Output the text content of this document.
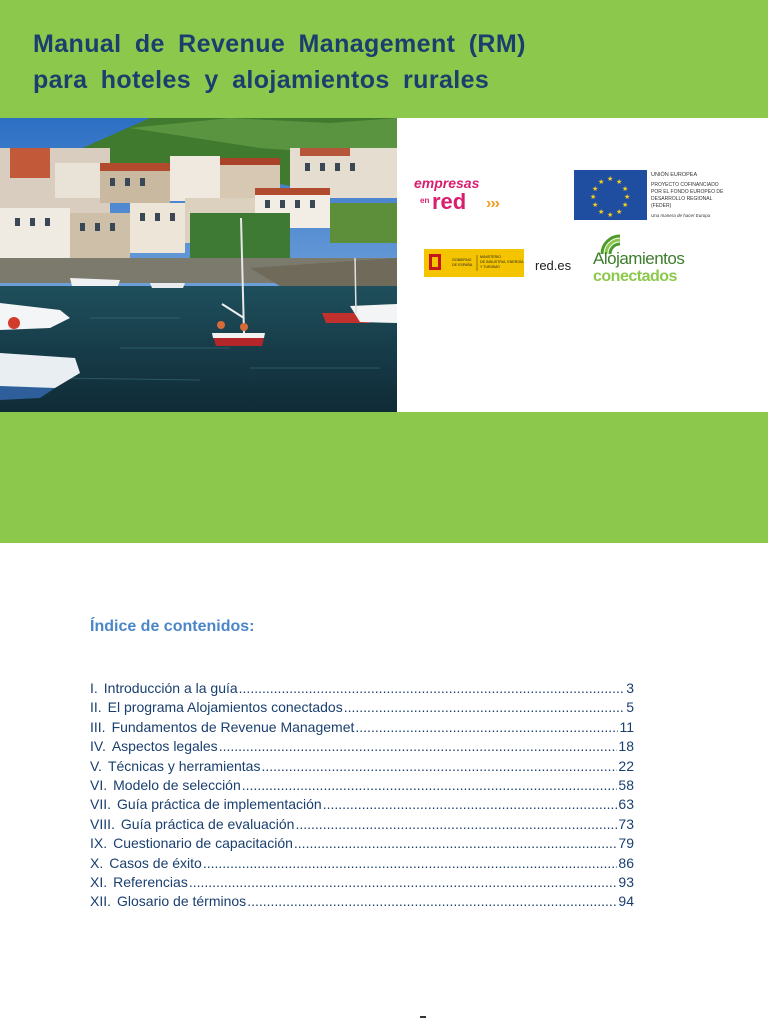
Manual de Revenue Management (RM)
para hoteles y alojamientos rurales
empresas
en red ›››
★ ★
★
★
★
★
★
★
★
★
★
★
UNIÓN EUROPEA
PROYECTO COFINANCIADO
POR EL FONDO EUROPEO DE
DESARROLLO REGIONAL
(FEDER)
Una manera de hacer Europa
GOBIERNO
DE ESPAÑA
MINISTERIO
DE INDUSTRIA, ENERGÍA
Y TURISMO	red.es Alojamientos
conectados
Índice de contenidos:
I. Introducción a la guía .....	3
II. El programa Alojamientos conectados .....	5
III. Fundamentos de Revenue Managemet .....	11
IV. Aspectos legales .....	18
V. Técnicas y herramientas .....	22
VI. Modelo de selección .....	58
VII. Guía práctica de implementación .....	63
VIII. Guía práctica de evaluación .....	73
IX. Cuestionario de capacitación .....	79
X. Casos de éxito .....	86
XI. Referencias .....	93
XII. Glosario de términos .....	94
